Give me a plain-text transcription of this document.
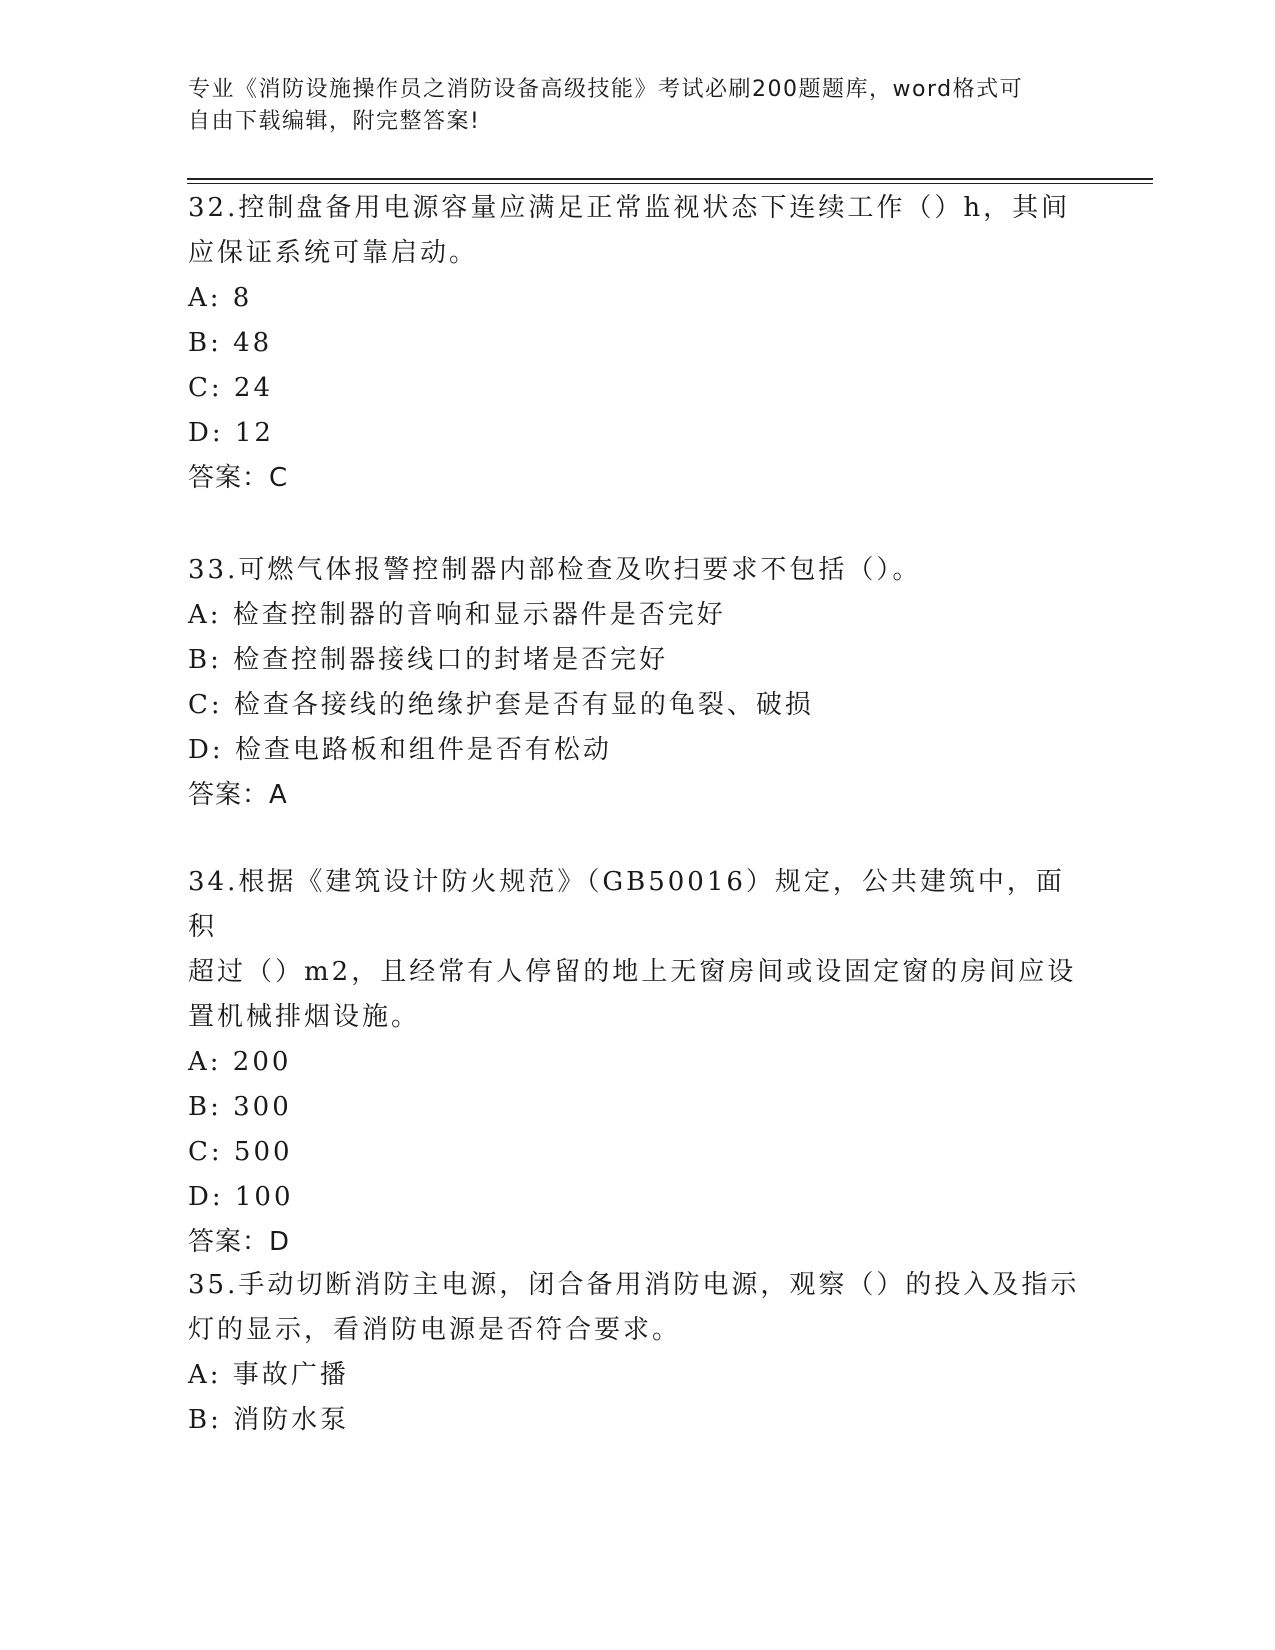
专业《消防设施操作员之消防设备高级技能》考试必刷200题题库，word格式可
自由下载编辑，附完整答案!

32.控制盘备用电源容量应满足正常监视状态下连续工作（）h，其间
应保证系统可靠启动。

A: 8

B: 48

C: 24

D: 12

答案：C

33.可燃气体报警控制器内部检查及吹扫要求不包括（）。

A: 检查控制器的音响和显示器件是否完好

B: 检查控制器接线口的封堵是否完好

C: 检查各接线的绝缘护套是否有显的龟裂、破损

D: 检查电路板和组件是否有松动

答案：A

34.根据《建筑设计防火规范》（GB50016）规定，公共建筑中，面积
超过（）m2，且经常有人停留的地上无窗房间或设固定窗的房间应设
置机械排烟设施。

A: 200

B: 300

C: 500

D: 100

答案：D

35.手动切断消防主电源，闭合备用消防电源，观察（）的投入及指示
灯的显示，看消防电源是否符合要求。

A: 事故广播

B: 消防水泵
